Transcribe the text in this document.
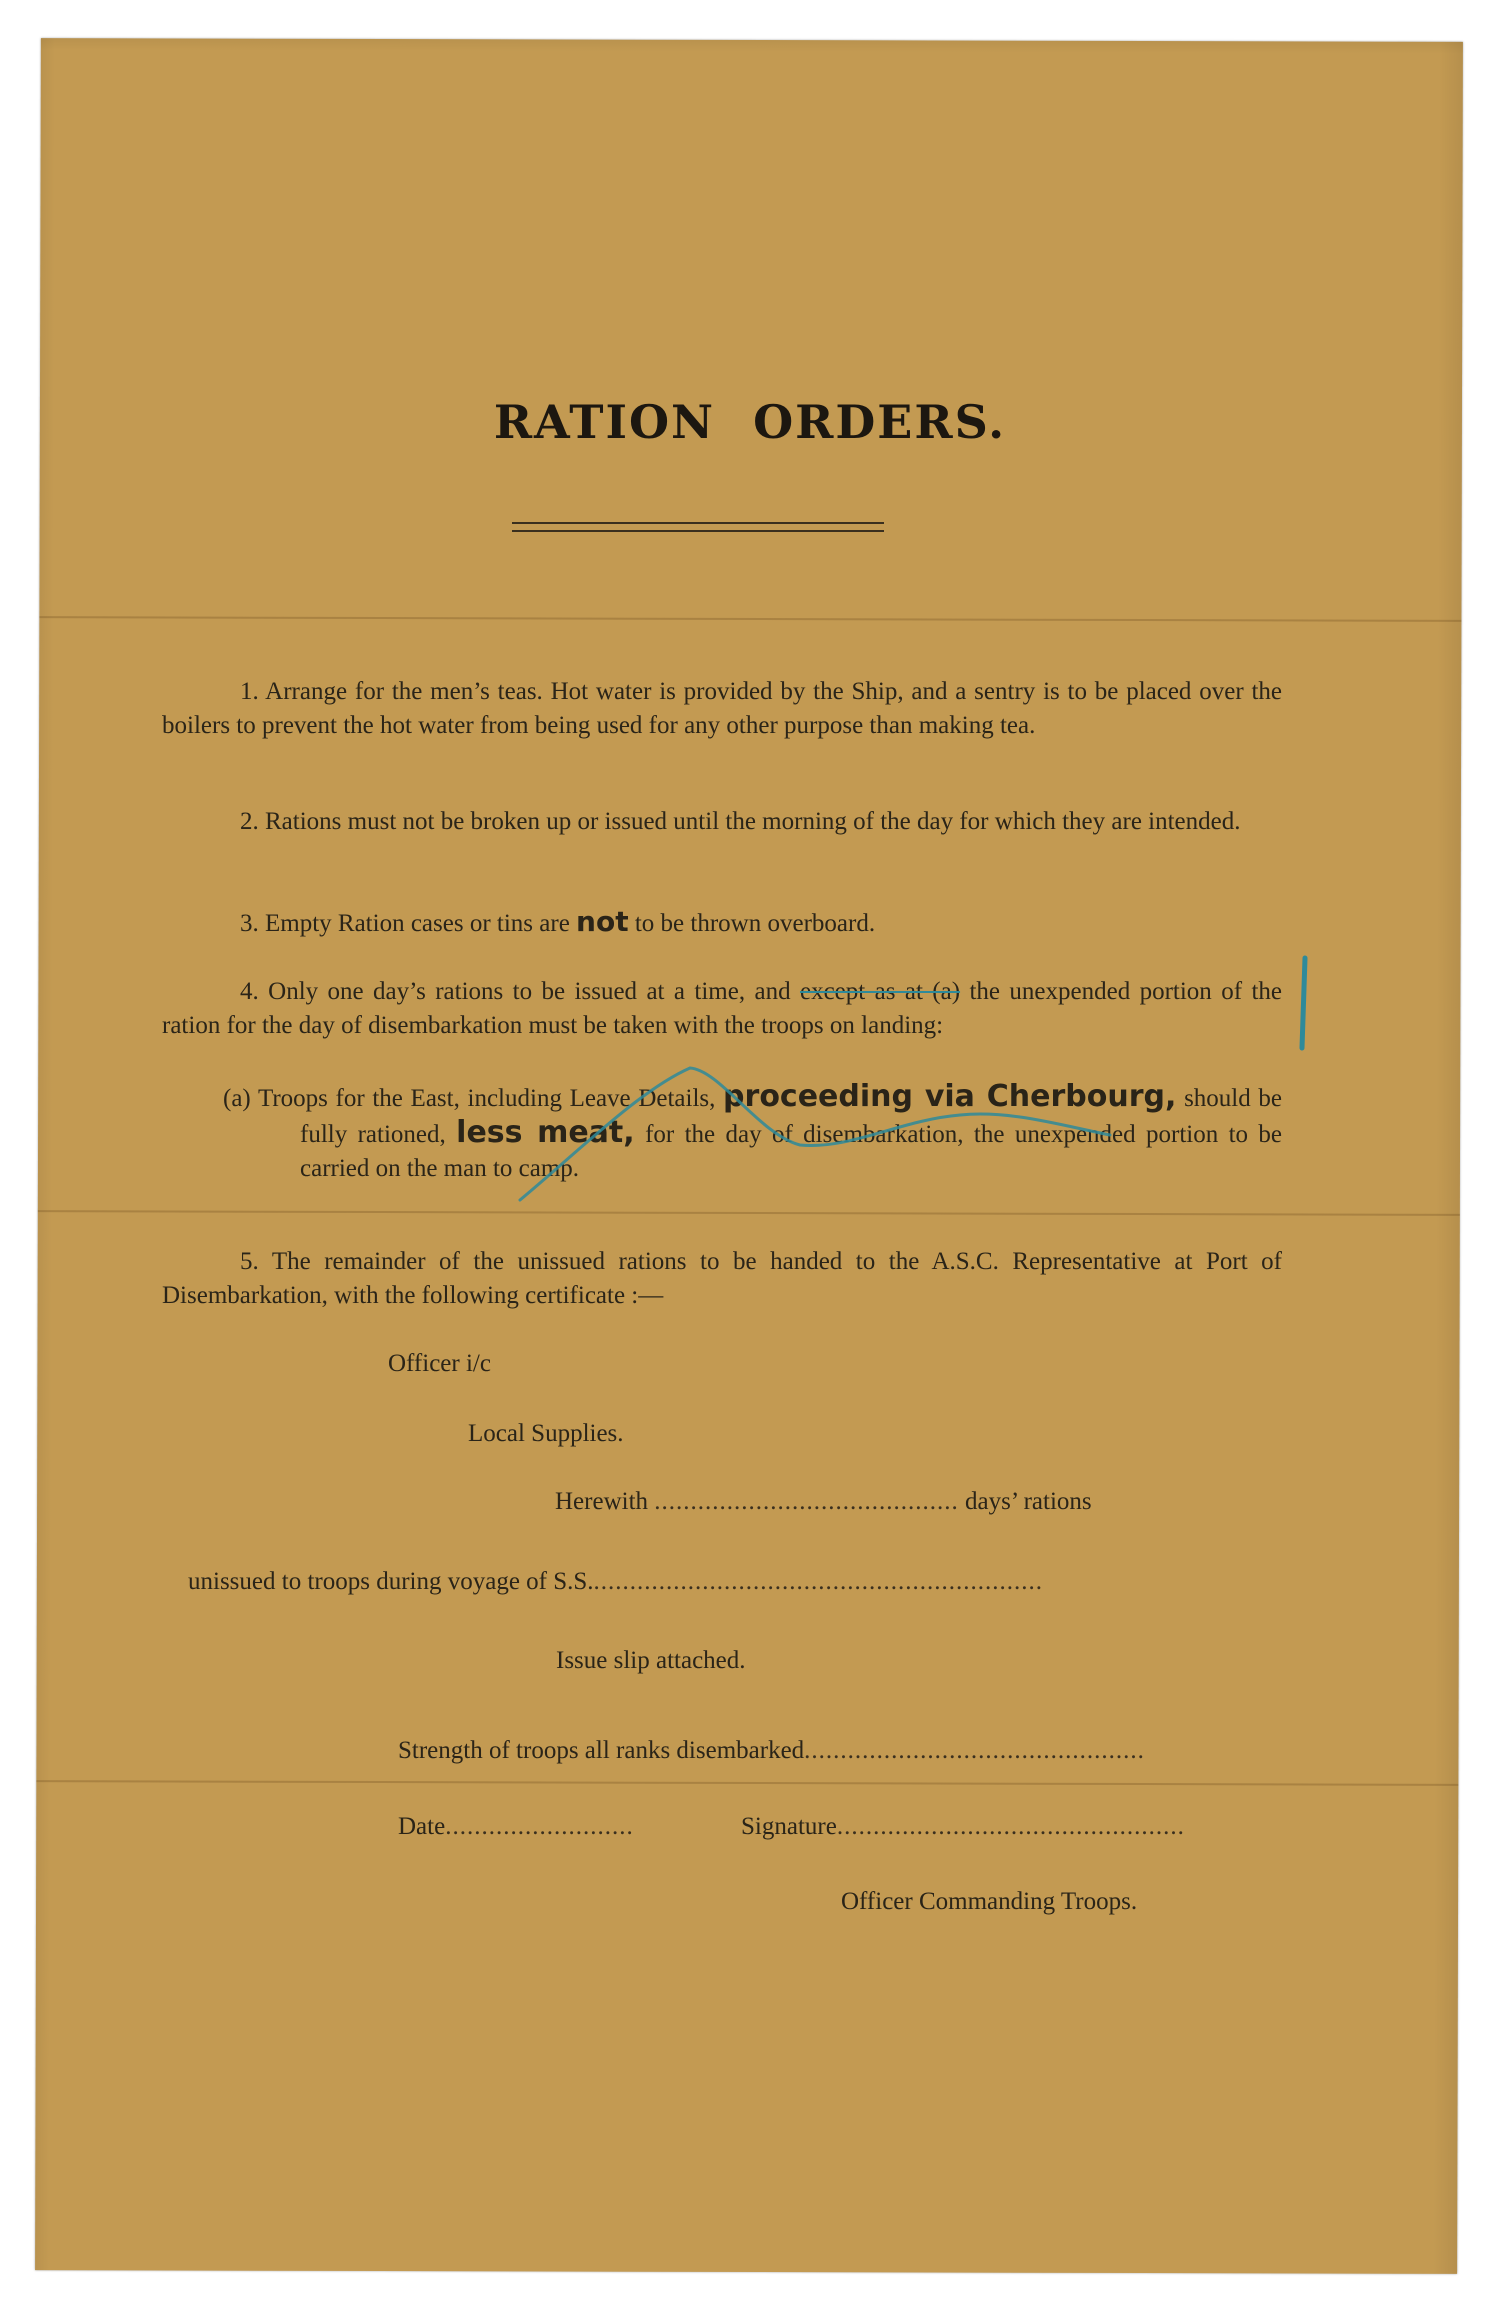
RATION ORDERS.
1. Arrange for the men’s teas. Hot water is provided by the Ship, and a sentry is to be placed over the boilers to prevent the hot water from being used for any other purpose than making tea.
2. Rations must not be broken up or issued until the morning of the day for which they are intended.
3. Empty Ration cases or tins are not to be thrown overboard.
4. Only one day’s rations to be issued at a time, and except as at (a) the unexpended portion of the ration for the day of disembarkation must be taken with the troops on landing:
(a) Troops for the East, including Leave Details, proceeding via Cherbourg, should be fully rationed, less meat, for the day of disembarkation, the unexpended portion to be carried on the man to camp.
5. The remainder of the unissued rations to be handed to the A.S.C. Representative at Port of Disembarkation, with the following certificate :—
Officer i/c
Local Supplies.
Herewith .......................................... days’ rations
unissued to troops during voyage of S.S...............................................................
Issue slip attached.
Strength of troops all ranks disembarked...............................................
Date..........................	Signature................................................
Officer Commanding Troops.
